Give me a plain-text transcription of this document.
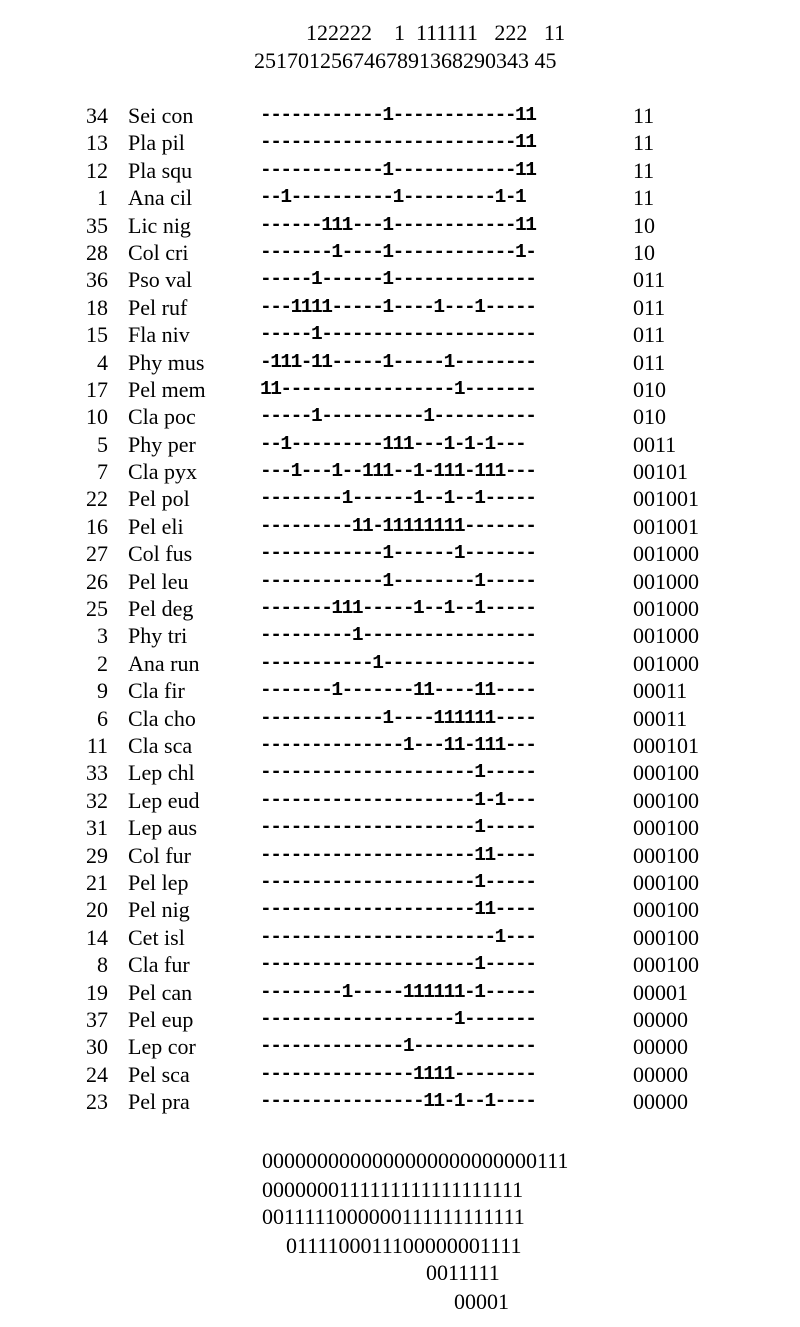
122222    1  111111   222   11

2517012567467891368290343 45

34 Sei con	------------1------------11	11
13 Pla pil	-------------------------11	11
12 Pla squ	------------1------------11	11
1 Ana cil	--1----------1---------1-1	11
35 Lic nig	------111---1------------11	10
28 Col cri	-------1----1------------1-	10
36 Pso val	-----1------1--------------	011
18 Pel ruf	---1111-----1----1---1-----	011
15 Fla niv	-----1---------------------	011
4 Phy mus	-111-11-----1-----1--------	011
17 Pel mem	11-----------------1-------	010
10 Cla poc	-----1----------1----------	010
5 Phy per	--1---------111---1-1-1---	0011
7 Cla pyx	---1---1--111--1-111-111---	00101
22 Pel pol	--------1------1--1--1-----	001001
16 Pel eli	---------11-11111111-------	001001
27 Col fus	------------1------1-------	001000
26 Pel leu	------------1--------1-----	001000
25 Pel deg	-------111-----1--1--1-----	001000
3 Phy tri	---------1-----------------	001000
2 Ana run	-----------1---------------	001000
9 Cla fir	-------1-------11----11----	00011
6 Cla cho	------------1----111111----	00011
11 Cla sca	--------------1---11-111---	000101
33 Lep chl	---------------------1-----	000100
32 Lep eud	---------------------1-1---	000100
31 Lep aus	---------------------1-----	000100
29 Col fur	---------------------11----	000100
21 Pel lep	---------------------1-----	000100
20 Pel nig	---------------------11----	000100
14 Cet isl	-----------------------1---	000100
8 Cla fur	---------------------1-----	000100
19 Pel can	--------1-----111111-1-----	00001
37 Pel eup	-------------------1-------	00000
30 Lep cor	--------------1------------	00000
24 Pel sca	---------------1111--------	00000
23 Pel pra	----------------11-1--1----	00000
0000000000000000000000000111
0000000111111111111111111
0011111000000111111111111
0111100011100000001111
0011111
00001
